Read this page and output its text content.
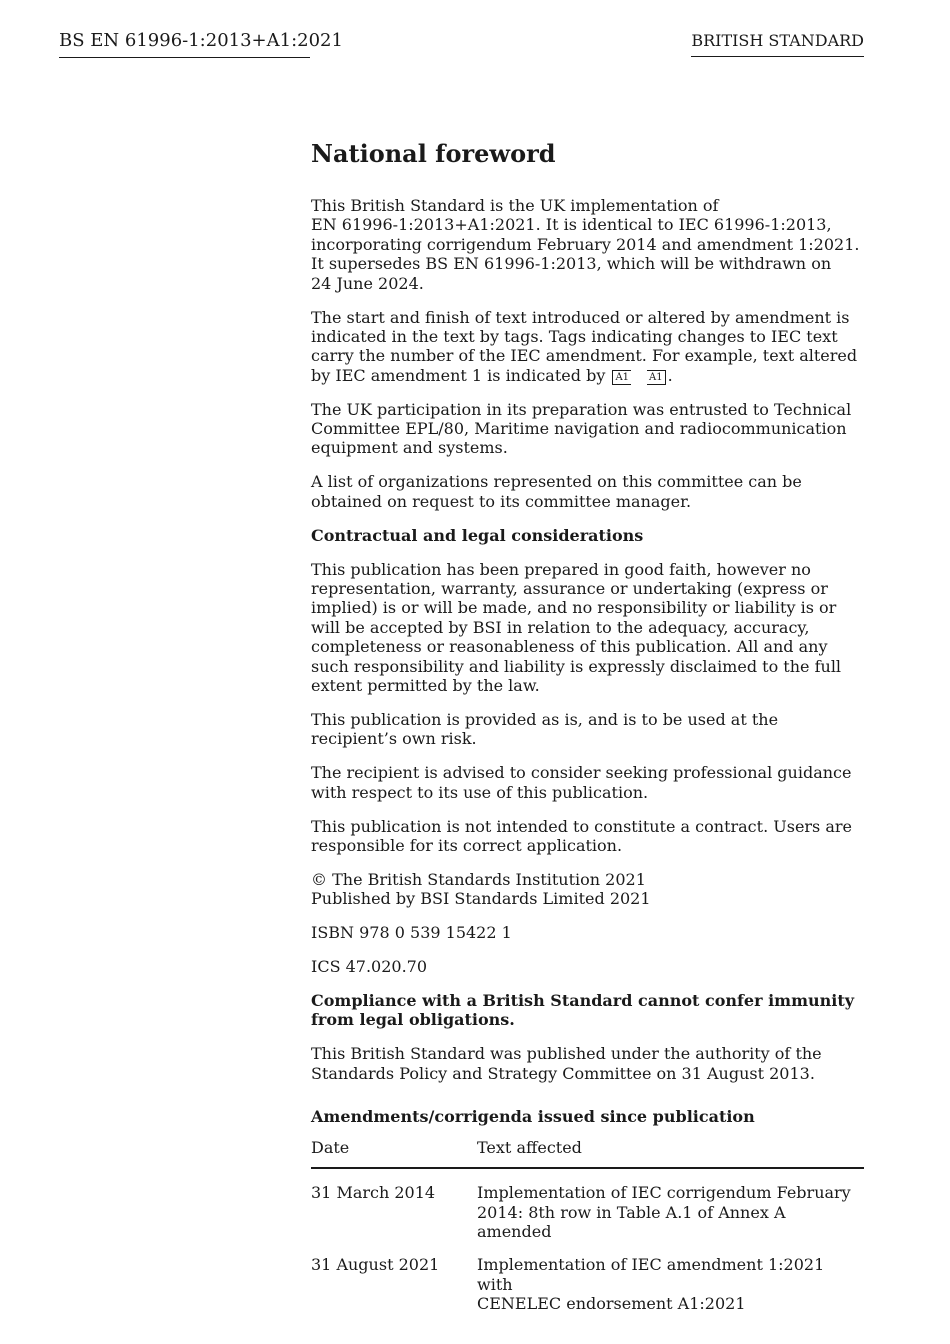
BS EN 61996-1:2013+A1:2021	BRITISH STANDARD
National foreword

This British Standard is the UK implementation of
EN 61996-1:2013+A1:2021. It is identical to IEC 61996-1:2013,
incorporating corrigendum February 2014 and amendment 1:2021.
It supersedes BS EN 61996-1:2013, which will be withdrawn on
24 June 2024.

The start and finish of text introduced or altered by amendment is indicated in the text by tags. Tags indicating changes to IEC text carry the number of the IEC amendment. For example, text altered by IEC amendment 1 is indicated by A1 A1 .

The UK participation in its preparation was entrusted to Technical Committee EPL/80, Maritime navigation and radiocommunication equipment and systems.

A list of organizations represented on this committee can be obtained on request to its committee manager.

Contractual and legal considerations

This publication has been prepared in good faith, however no representation, warranty, assurance or undertaking (express or implied) is or will be made, and no responsibility or liability is or will be accepted by BSI in relation to the adequacy, accuracy, completeness or reasonableness of this publication. All and any such responsibility and liability is expressly disclaimed to the full extent permitted by the law.

This publication is provided as is, and is to be used at the
recipient’s own risk.

The recipient is advised to consider seeking professional guidance with respect to its use of this publication.

This publication is not intended to constitute a contract. Users are responsible for its correct application.

© The British Standards Institution 2021
Published by BSI Standards Limited 2021

ISBN 978 0 539 15422 1

ICS 47.020.70

Compliance with a British Standard cannot confer immunity from legal obligations.

This British Standard was published under the authority of the Standards Policy and Strategy Committee on 31 August 2013.

Amendments/corrigenda issued since publication
Date	Text affected
31 March 2014	Implementation of IEC corrigendum February
2014: 8th row in Table A.1 of Annex A amended

31 August 2021	Implementation of IEC amendment 1:2021 with
CENELEC endorsement A1:2021
